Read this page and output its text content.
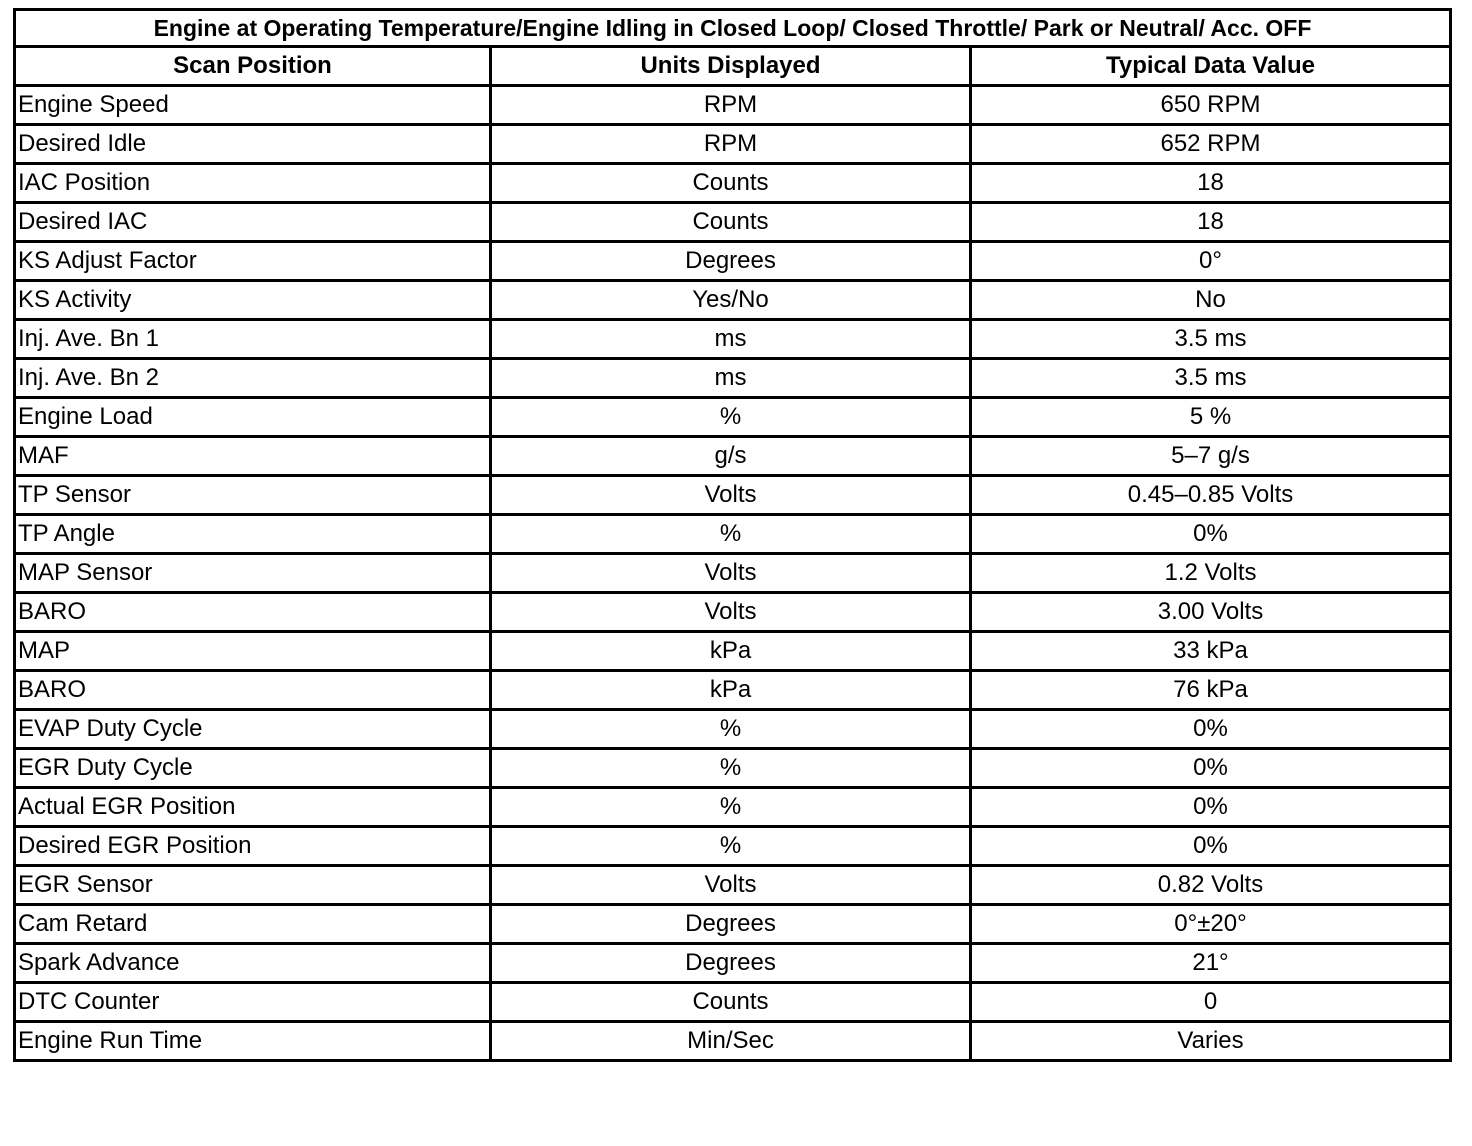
Engine at Operating Temperature/Engine Idling in Closed Loop/ Closed Throttle/ Park or Neutral/ Acc. OFF		
Scan Position	Units Displayed	Typical Data Value
Engine Speed	RPM	650 RPM
Desired Idle	RPM	652 RPM
IAC Position	Counts	18
Desired IAC	Counts	18
KS Adjust Factor	Degrees	0°
KS Activity	Yes/No	No
Inj. Ave. Bn 1	ms	3.5 ms
Inj. Ave. Bn 2	ms	3.5 ms
Engine Load	%	5 %
MAF	g/s	5–7 g/s
TP Sensor	Volts	0.45–0.85 Volts
TP Angle	%	0%
MAP Sensor	Volts	1.2 Volts
BARO	Volts	3.00 Volts
MAP	kPa	33 kPa
BARO	kPa	76 kPa
EVAP Duty Cycle	%	0%
EGR Duty Cycle	%	0%
Actual EGR Position	%	0%
Desired EGR Position	%	0%
EGR Sensor	Volts	0.82 Volts
Cam Retard	Degrees	0°±20°
Spark Advance	Degrees	21°
DTC Counter	Counts	0
Engine Run Time	Min/Sec	Varies
